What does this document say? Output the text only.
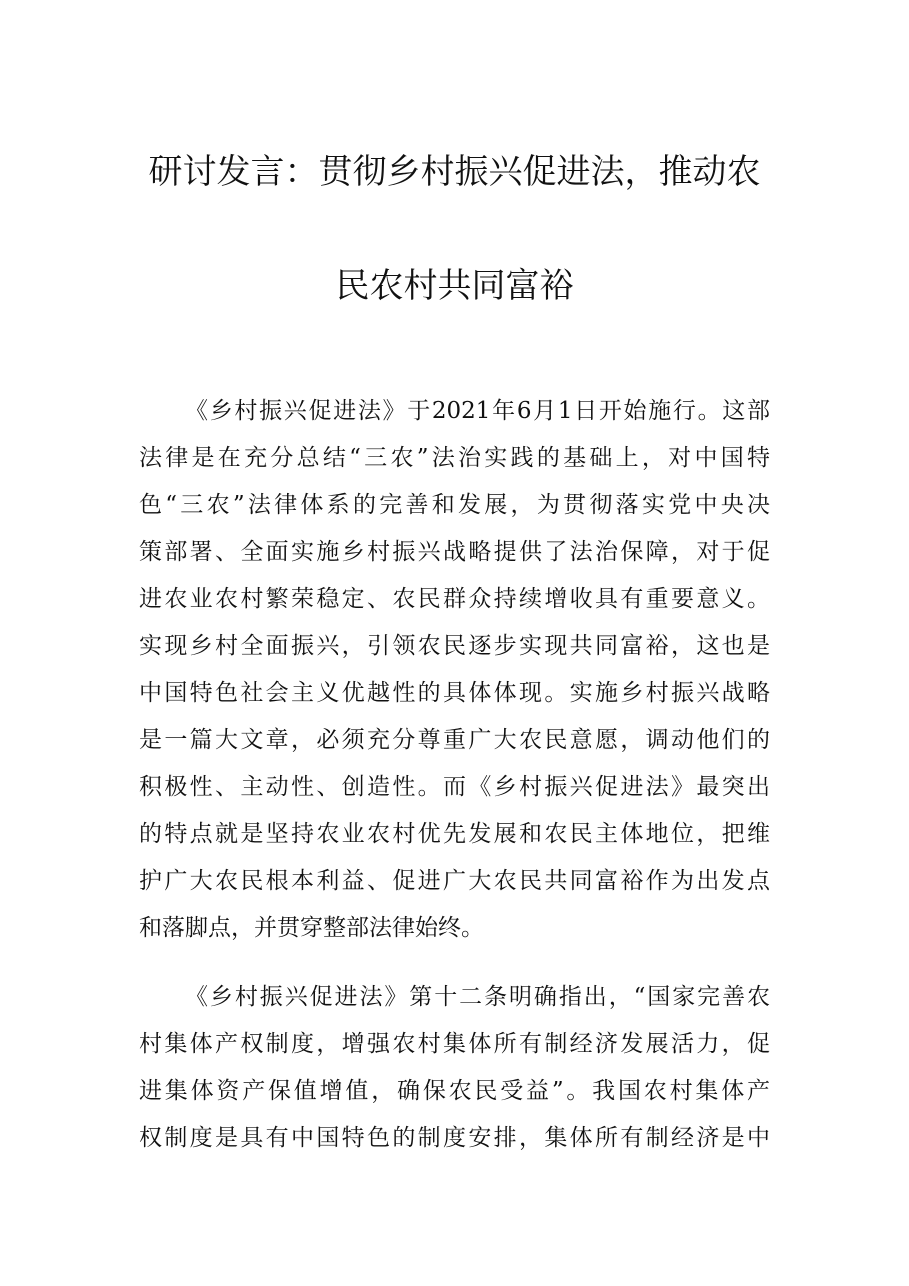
研讨发言：贯彻乡村振兴促进法，推动农
民农村共同富裕
《乡村振兴促进法》于2021年6月1日开始施行。这部
法律是在充分总结“三农”法治实践的基础上，对中国特
色“三农”法律体系的完善和发展，为贯彻落实党中央决
策部署、全面实施乡村振兴战略提供了法治保障，对于促
进农业农村繁荣稳定、农民群众持续增收具有重要意义。
实现乡村全面振兴，引领农民逐步实现共同富裕，这也是
中国特色社会主义优越性的具体体现。实施乡村振兴战略
是一篇大文章，必须充分尊重广大农民意愿，调动他们的
积极性、主动性、创造性。而《乡村振兴促进法》最突出
的特点就是坚持农业农村优先发展和农民主体地位，把维
护广大农民根本利益、促进广大农民共同富裕作为出发点
和落脚点，并贯穿整部法律始终。
《乡村振兴促进法》第十二条明确指出，“国家完善农
村集体产权制度，增强农村集体所有制经济发展活力，促
进集体资产保值增值，确保农民受益”。我国农村集体产
权制度是具有中国特色的制度安排，集体所有制经济是中
